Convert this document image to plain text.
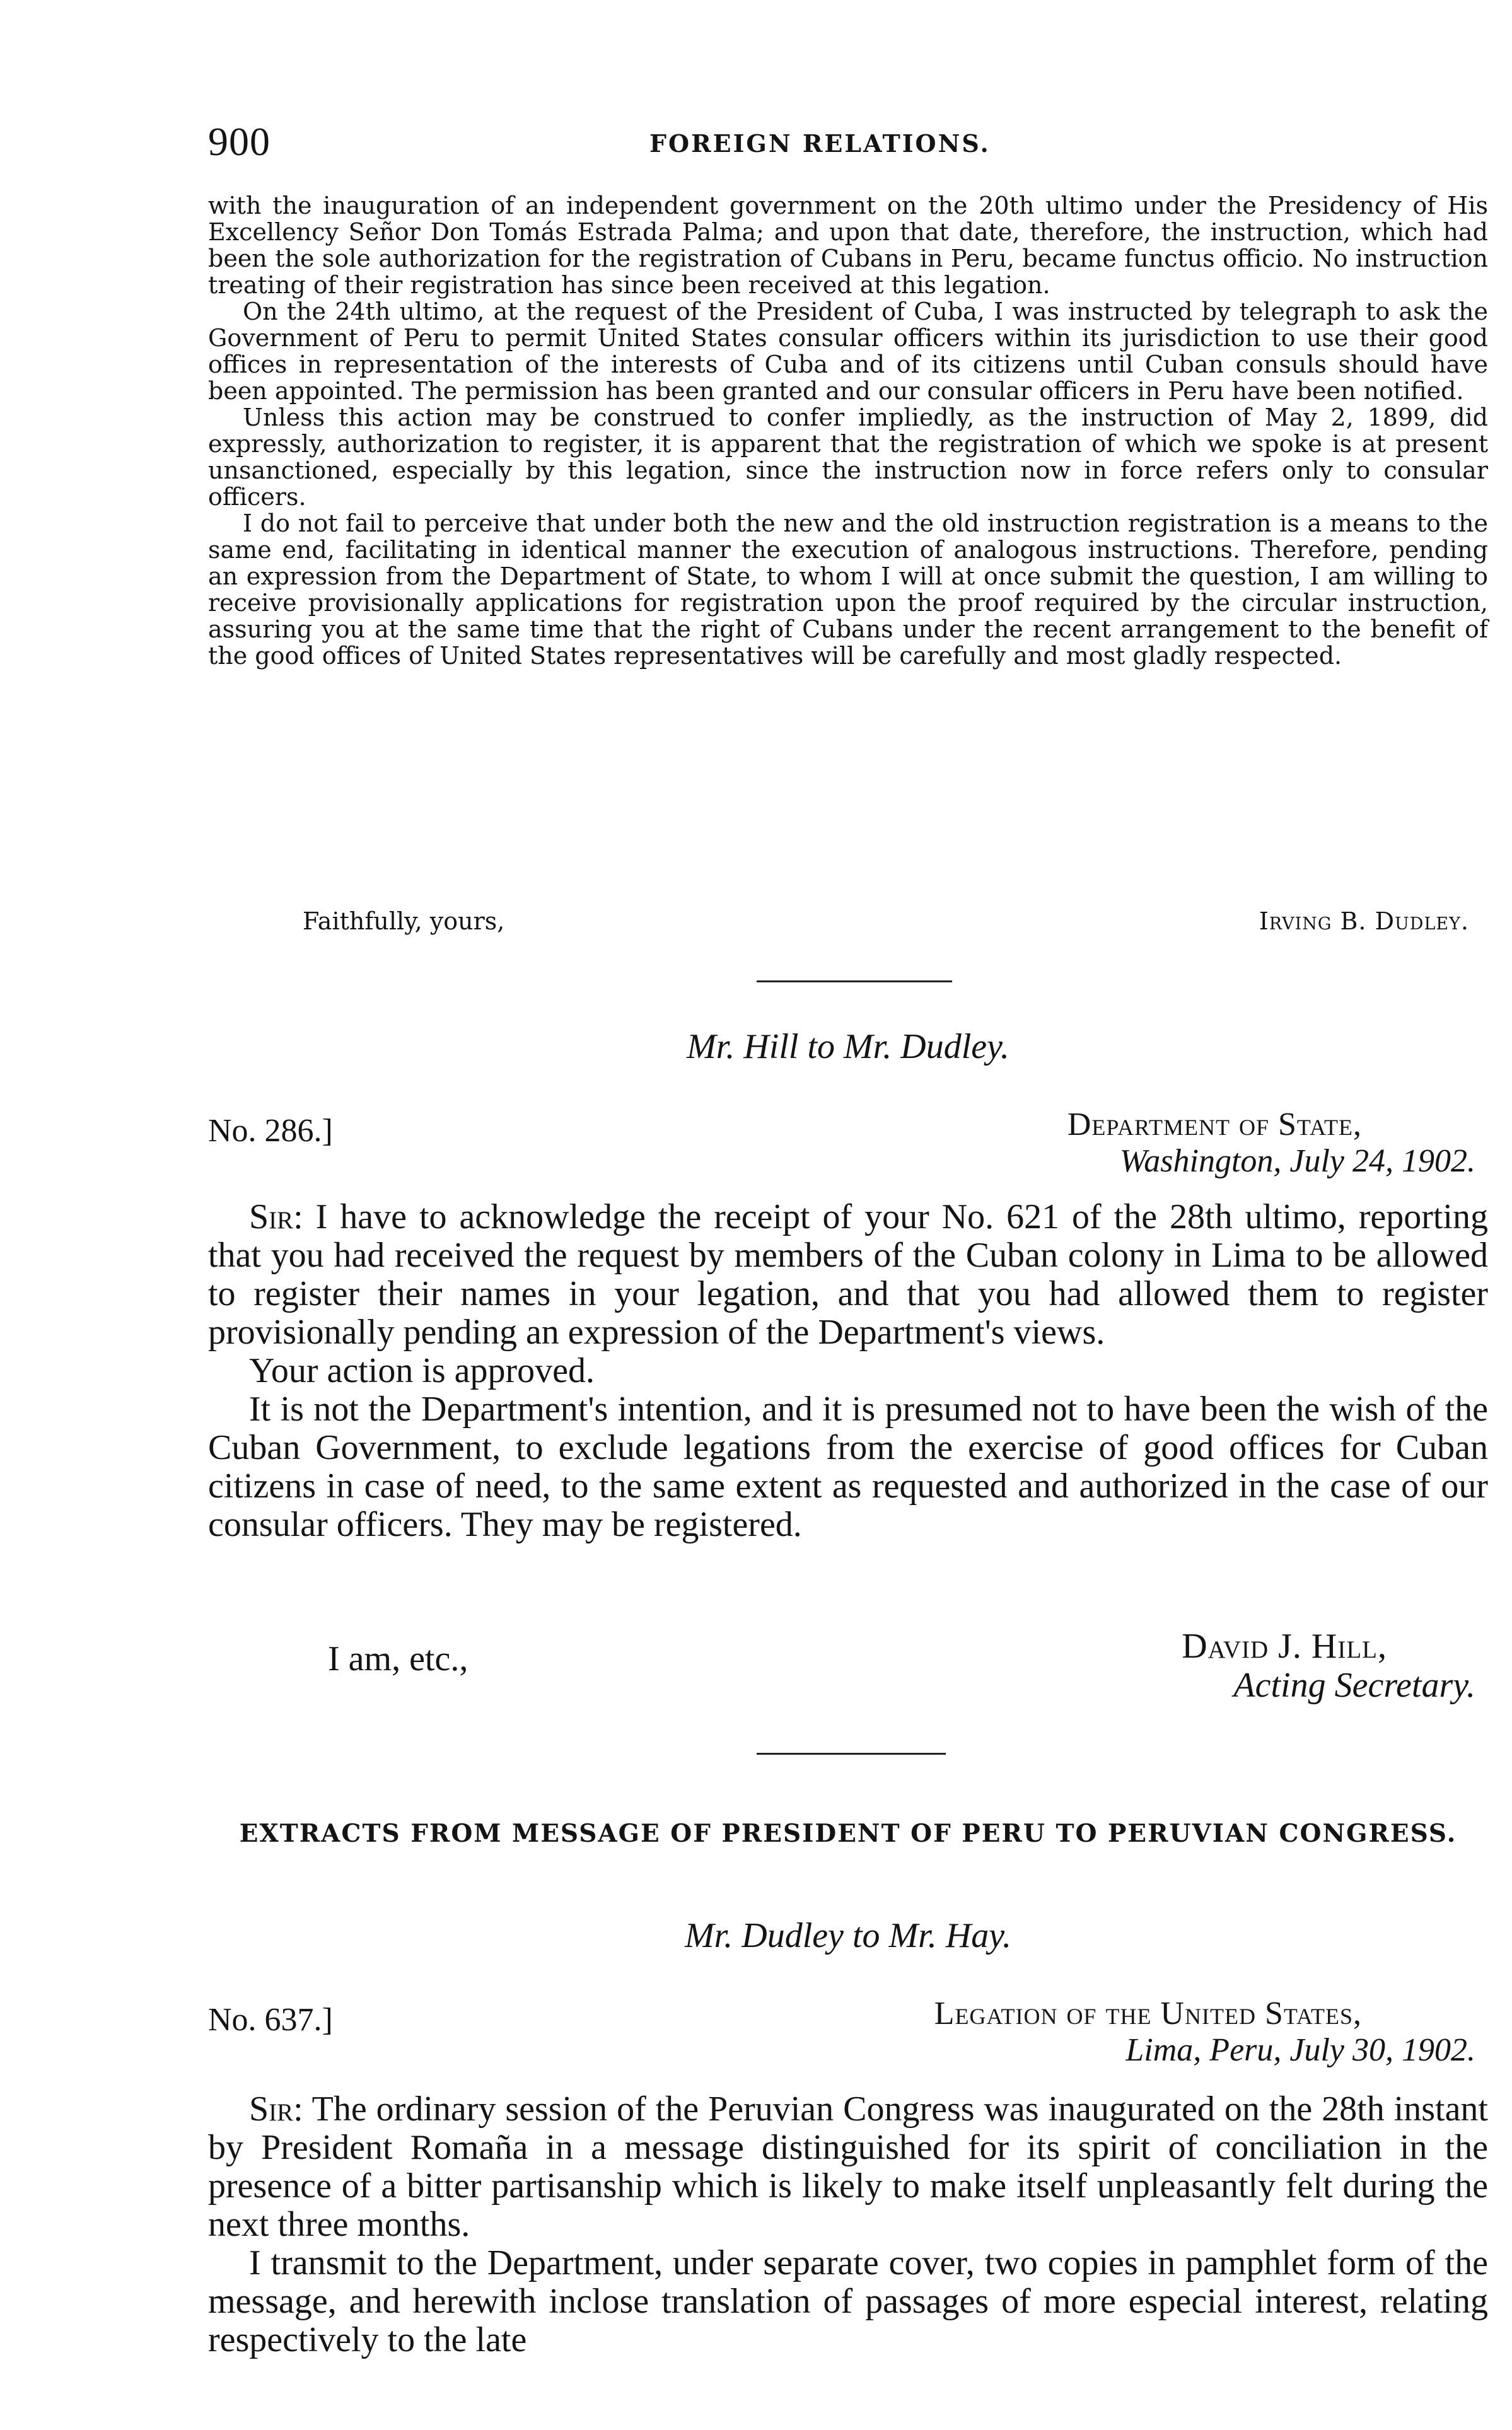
900	FOREIGN RELATIONS.

with the inauguration of an independent government on the 20th ultimo under the Presidency of His Excellency Señor Don Tomás Estrada Palma; and upon that date, therefore, the instruction, which had been the sole authorization for the registration of Cubans in Peru, became functus officio. No instruction treating of their registration has since been received at this legation.

On the 24th ultimo, at the request of the President of Cuba, I was instructed by telegraph to ask the Government of Peru to permit United States consular officers within its jurisdiction to use their good offices in representation of the interests of Cuba and of its citizens until Cuban consuls should have been appointed. The permission has been granted and our consular officers in Peru have been notified.

Unless this action may be construed to confer impliedly, as the instruction of May 2, 1899, did expressly, authorization to register, it is apparent that the registration of which we spoke is at present unsanctioned, especially by this legation, since the instruction now in force refers only to consular officers.

I do not fail to perceive that under both the new and the old instruction registration is a means to the same end, facilitating in identical manner the execution of analogous instructions. Therefore, pending an expression from the Department of State, to whom I will at once submit the question, I am willing to receive provisionally applications for registration upon the proof required by the circular instruction, assuring you at the same time that the right of Cubans under the recent arrangement to the benefit of the good offices of United States representatives will be carefully and most gladly respected.

Faithfully, yours,	Irving B. Dudley.
Mr. Hill to Mr. Dudley.
No. 286.]	Department of State,
Washington, July 24, 1902.

Sir: I have to acknowledge the receipt of your No. 621 of the 28th ultimo, reporting that you had received the request by members of the Cuban colony in Lima to be allowed to register their names in your legation, and that you had allowed them to register provisionally pending an expression of the Department's views.

Your action is approved.

It is not the Department's intention, and it is presumed not to have been the wish of the Cuban Government, to exclude legations from the exercise of good offices for Cuban citizens in case of need, to the same extent as requested and authorized in the case of our consular officers. They may be registered.

I am, etc.,	David J. Hill,
Acting Secretary.
EXTRACTS FROM MESSAGE OF PRESIDENT OF PERU TO PERUVIAN CONGRESS.
Mr. Dudley to Mr. Hay.
No. 637.]	Legation of the United States,
Lima, Peru, July 30, 1902.

Sir: The ordinary session of the Peruvian Congress was inaugurated on the 28th instant by President Romaña in a message distinguished for its spirit of conciliation in the presence of a bitter partisanship which is likely to make itself unpleasantly felt during the next three months.

I transmit to the Department, under separate cover, two copies in pamphlet form of the message, and herewith inclose translation of passages of more especial interest, relating respectively to the late
